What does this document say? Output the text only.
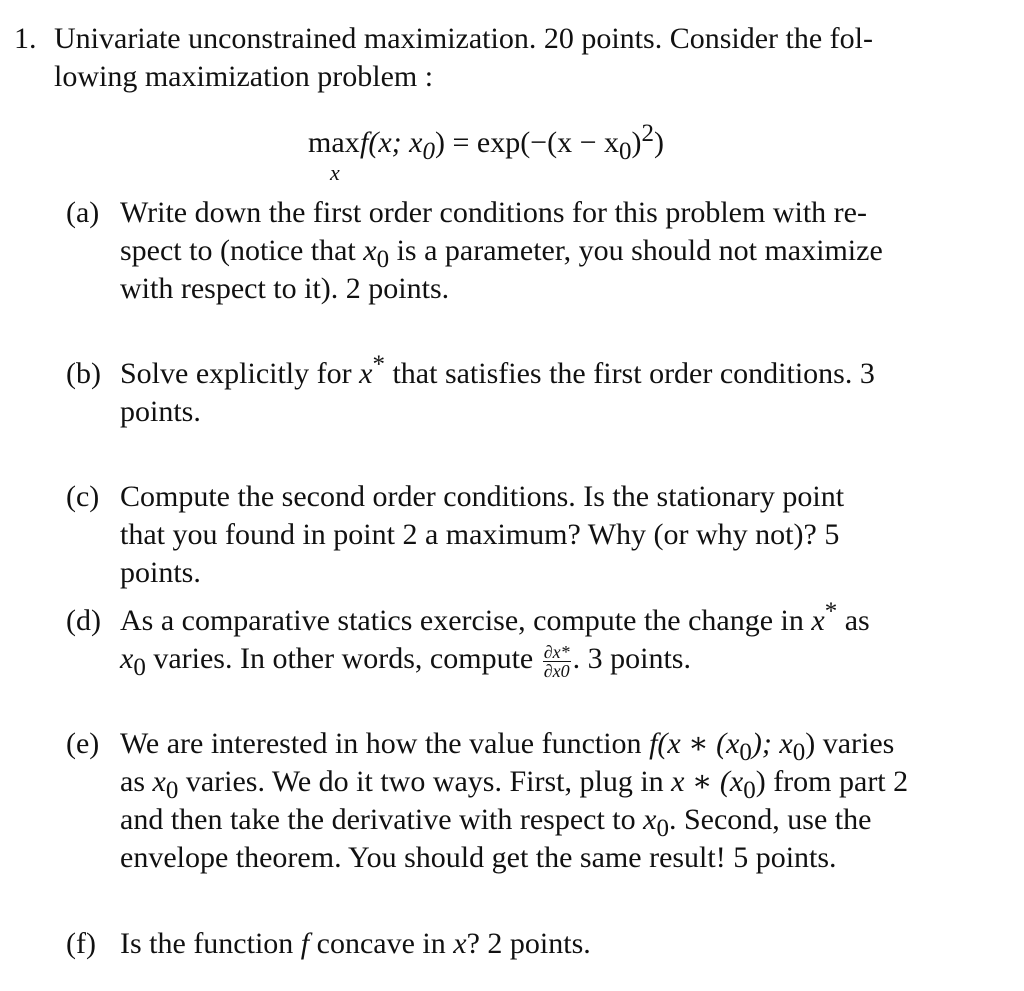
1. Univariate unconstrained maximization. 20 points. Consider the fol-
lowing maximization problem :
max
x
f(x; $x_0) = \exp(-(x - x_0)^2)$
(a) Write down the first order conditions for this problem with re-
spect to (notice that $x_0$ is a parameter, you should not maximize
with respect to it). 2 points.
(b) Solve explicitly for x* that satisfies the first order conditions. 3
points.
(c) Compute the second order conditions. Is the stationary point
that you found in point 2 a maximum? Why (or why not)? 5
points.
(d) As a comparative statics exercise, compute the change in x* as
$x_0$ varies. In other words, compute $\frac{\partial x*}{\partial x0}$ . 3 points.
(e) We are interested in how the value function f(x ∗ $(x_0)$; $x_0$) varies
as $x_0$ varies. We do it two ways. First, plug in x ∗ $(x_0)$ from part 2
and then take the derivative with respect to $x_0$. Second, use the
envelope theorem. You should get the same result! 5 points.
(f) Is the function f concave in x? 2 points.
